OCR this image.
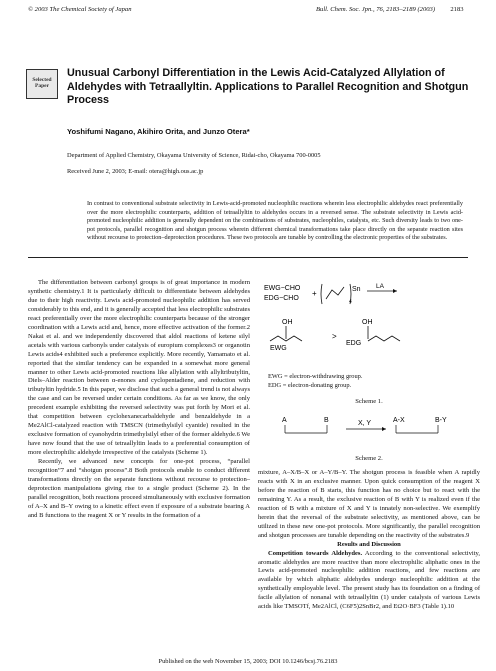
© 2003 The Chemical Society of Japan	Bull. Chem. Soc. Jpn., 76, 2183–2189 (2003) 2183
Selected
Paper
Unusual Carbonyl Differentiation in the Lewis Acid-Catalyzed Allylation of Aldehydes with Tetraallyltin. Applications to Parallel Recognition and Shotgun Process
Yoshifumi Nagano, Akihiro Orita, and Junzo Otera*
Department of Applied Chemistry, Okayama University of Science, Ridai-cho, Okayama 700-0005
Received June 2, 2003; E-mail: otera@high.ous.ac.jp
In contrast to conventional substrate selectivity in Lewis-acid-promoted nucleophilic reactions wherein less electrophilic aldehydes react preferentially over the more electrophilic counterparts, addition of tetraallyltin to aldehydes occurs in a reversed sense. The substrate selectivity in Lewis acid-promoted nucleophilic addition is generally dependent on the combinations of substrates, nucleophiles, catalysts, etc. Such diversity leads to two one-pot protocols, parallel recognition and shotgun process wherein different chemical transformations take place directly on the separate reaction sites without recourse to protection–deprotection procedures. These two protocols are tunable by controlling the electronic properties of the substrates.

The differentiation between carbonyl groups is of great importance in modern synthetic chemistry.1 It is particularly difficult to differentiate between aldehydes due to their high reactivity. Lewis acid-promoted nucleophilic addition has served considerably to this end, and it is generally accepted that less electrophilic substrates react preferentially over the more electrophilic counterparts because of the stronger coordination with a Lewis acid and, hence, more effective activation of the former.2 Nakai et al. and we independently discovered that aldol reactions of ketene silyl acetals with various carbonyls under catalysis of europium complexes3 or organotin Lewis acids4 exhibited such a preference explicitly. More recently, Yamamato et al. reported that the similar tendency can be expanded in a somewhat more general manner to other Lewis acid-promoted reactions like allylation with allyltributyltin, Diels–Alder reaction between α-enones and cyclopentadiene, and reduction with tributyltin hydride.5 In this paper, we disclose that such a general trend is not always the case and can be reversed under certain conditions. As far as we know, the only precedent example exhibiting the reversed selectivity was put forth by Mori et al. that competition between cyclohexanecarbaldehyde and benzaldehyde in a Me2AlCl-catalyzed reaction with TMSCN (trimethylsilyl cyanide) resulted in the exclusive formation of cyanohydrin trimethylsilyl ether of the former aldehyde.6 We have now found that the use of tetraallyltin leads to a preferential consumption of more electrophilic aldehyde irrespective of the catalysts (Scheme 1).

Recently, we advanced new concepts for one-pot process, “parallel recognition”7 and “shotgun process”.8 Both protocols enable to conduct different transformations directly on the separate functions without recourse to protection–deprotection manipulations giving rise to a single product (Scheme 2). In the parallel recognition, both reactions proceed simultaneously with exclusive formation of A–X and B–Y owing to a kinetic effect even if exposure of a substrate bearing A and B functions to the reagent X or Y results in the formation of a

EWG−CHO
EDG−CHO
+	Sn
4
LA
OH
EWG
>
OH
EDG
EWG = electron-withdrawing group.
EDG = electron-donating group.
Scheme 1.
A	B	X, Y	A-X	B-Y
Scheme 2.

mixture, A–X/B–X or A–Y/B–Y. The shotgun process is feasible when A rapidly reacts with X in an exclusive manner. Upon quick consumption of the reagent X before the reaction of B starts, this function has no choice but to react with the remaining Y. As a result, the exclusive reaction of B with Y is realized even if the reaction of B with a mixture of X and Y is innately non-selective. We exemplify herein that the reversal of the substrate selectivity, as mentioned above, can be utilized in these new one-pot protocols. More significantly, the parallel recognition and shotgun processes are tunable depending on the reactivity of the substrates.9

Results and Discussion

Competition towards Aldehydes. According to the conventional selectivity, aromatic aldehydes are more reactive than more electrophilic aliphatic ones in the Lewis acid-promoted nucleophilic addition reactions, and few reactions are available by which aliphatic aldehydes undergo nucleophilic addition at the synthetically employable level. The present study has its foundation on a finding of facile allylation of nonanal with tetraallyltin (1) under catalysis of various Lewis acids like TMSOTf, Me2AlCl, (C6F5)2SnBr2, and Et2O·BF3 (Table 1).10

Published on the web November 15, 2003; DOI 10.1246/bcsj.76.2183
